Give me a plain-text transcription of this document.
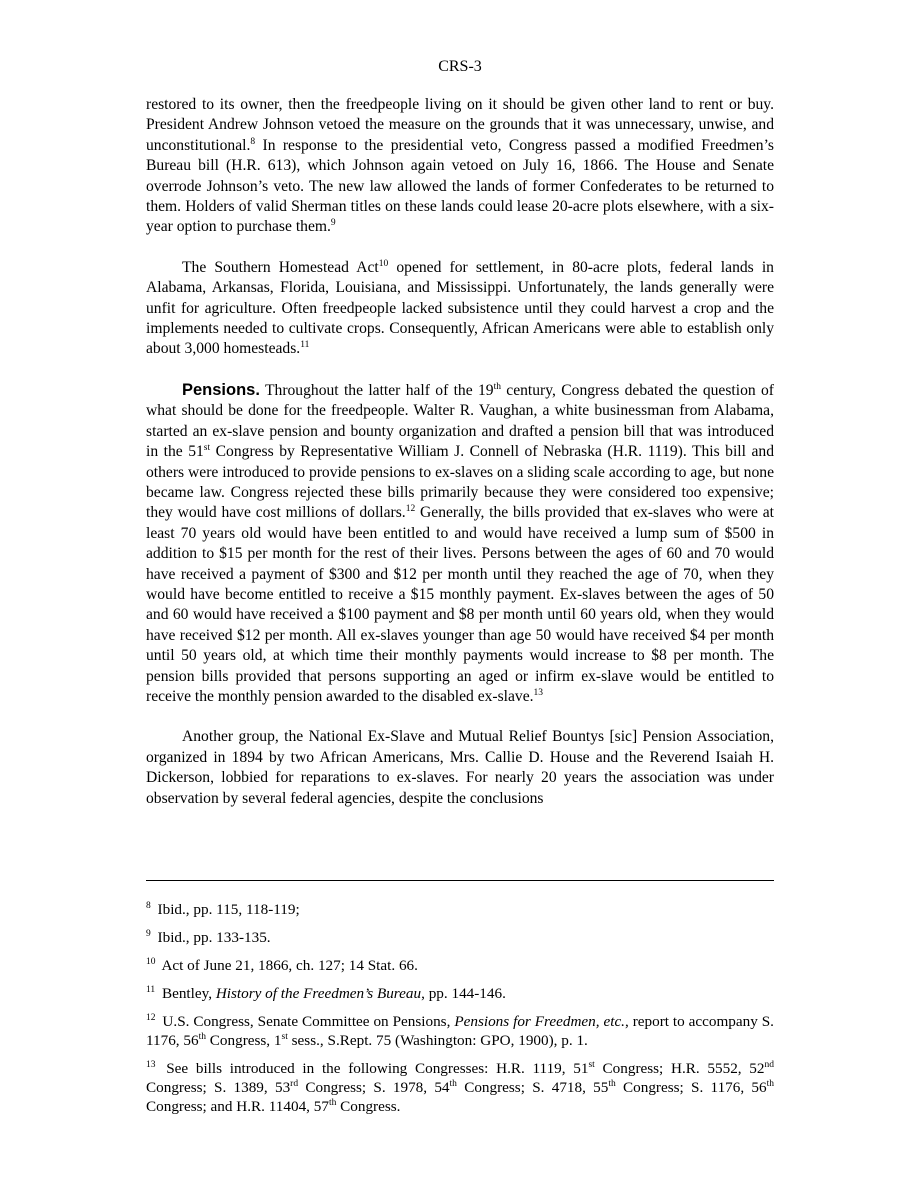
CRS-3

restored to its owner, then the freedpeople living on it should be given other land to rent or buy. President Andrew Johnson vetoed the measure on the grounds that it was unnecessary, unwise, and unconstitutional.$^8$ In response to the presidential veto, Congress passed a modified Freedmen’s Bureau bill (H.R. 613), which Johnson again vetoed on July 16, 1866. The House and Senate overrode Johnson’s veto. The new law allowed the lands of former Confederates to be returned to them. Holders of valid Sherman titles on these lands could lease 20-acre plots elsewhere, with a six-year option to purchase them.$^9$

The Southern Homestead Act$^{10}$ opened for settlement, in 80-acre plots, federal lands in Alabama, Arkansas, Florida, Louisiana, and Mississippi. Unfortunately, the lands generally were unfit for agriculture. Often freedpeople lacked subsistence until they could harvest a crop and the implements needed to cultivate crops. Consequently, African Americans were able to establish only about 3,000 homesteads.$^{11}$

Pensions. Throughout the latter half of the 19th century, Congress debated the question of what should be done for the freedpeople. Walter R. Vaughan, a white businessman from Alabama, started an ex-slave pension and bounty organization and drafted a pension bill that was introduced in the 51st Congress by Representative William J. Connell of Nebraska (H.R. 1119). This bill and others were introduced to provide pensions to ex-slaves on a sliding scale according to age, but none became law. Congress rejected these bills primarily because they were considered too expensive; they would have cost millions of dollars.$^{12}$ Generally, the bills provided that ex-slaves who were at least 70 years old would have been entitled to and would have received a lump sum of $500 in addition to $15 per month for the rest of their lives. Persons between the ages of 60 and 70 would have received a payment of $300 and $12 per month until they reached the age of 70, when they would have become entitled to receive a $15 monthly payment. Ex-slaves between the ages of 50 and 60 would have received a $100 payment and $8 per month until 60 years old, when they would have received $12 per month. All ex-slaves younger than age 50 would have received $4 per month until 50 years old, at which time their monthly payments would increase to $8 per month. The pension bills provided that persons supporting an aged or infirm ex-slave would be entitled to receive the monthly pension awarded to the disabled ex-slave.$^{13}$

Another group, the National Ex-Slave and Mutual Relief Bountys [sic] Pension Association, organized in 1894 by two African Americans, Mrs. Callie D. House and the Reverend Isaiah H. Dickerson, lobbied for reparations to ex-slaves. For nearly 20 years the association was under observation by several federal agencies, despite the conclusions

$^8$ Ibid., pp. 115, 118-119;
$^9$ Ibid., pp. 133-135.
$^{10}$ Act of June 21, 1866, ch. 127; 14 Stat. 66.
$^{11}$ Bentley, History of the Freedmen’s Bureau, pp. 144-146.
$^{12}$ U.S. Congress, Senate Committee on Pensions, Pensions for Freedmen, etc., report to accompany S. 1176, 56th Congress, 1st sess., S.Rept. 75 (Washington: GPO, 1900), p. 1.
$^{13}$ See bills introduced in the following Congresses: H.R. 1119, 51st Congress; H.R. 5552, 52nd Congress; S. 1389, 53rd Congress; S. 1978, 54th Congress; S. 4718, 55th Congress; S. 1176, 56th Congress; and H.R. 11404, 57th Congress.
